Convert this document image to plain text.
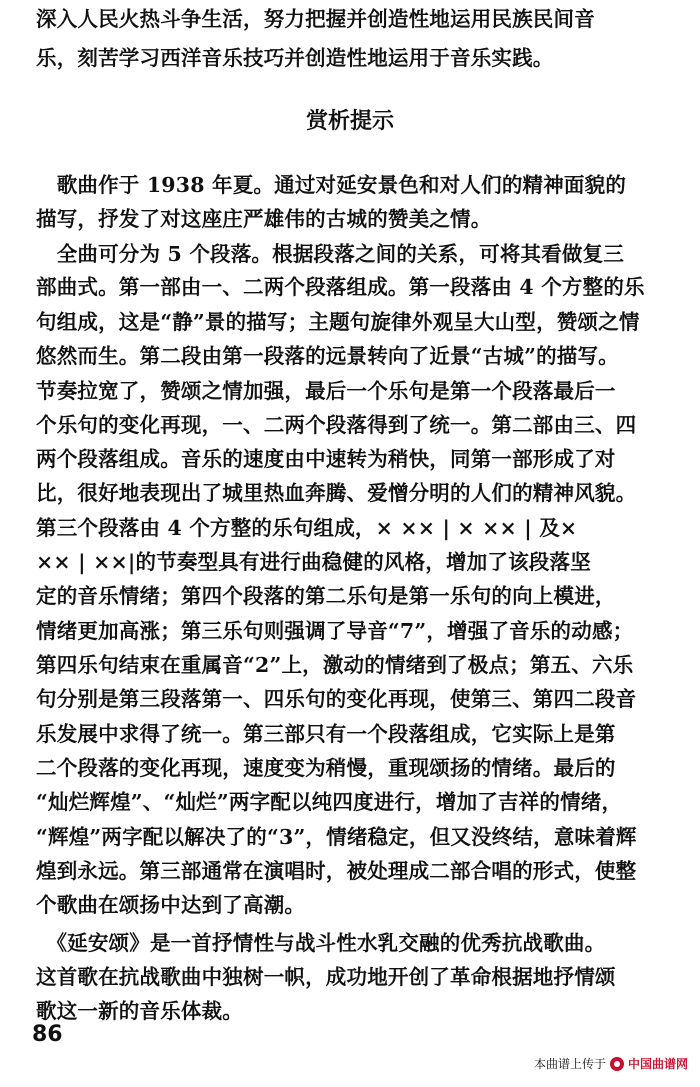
深入人民火热斗争生活，努力把握并创造性地运用民族民间音
乐，刻苦学习西洋音乐技巧并创造性地运用于音乐实践。
赏析提示
　歌曲作于 1938 年夏。通过对延安景色和对人们的精神面貌的
描写，抒发了对这座庄严雄伟的古城的赞美之情。
　全曲可分为 5 个段落。根据段落之间的关系，可将其看做复三
部曲式。第一部由一、二两个段落组成。第一段落由 4 个方整的乐
句组成，这是“静”景的描写；主题句旋律外观呈大山型，赞颂之情
悠然而生。第二段由第一段落的远景转向了近景“古城”的描写。
节奏拉宽了，赞颂之情加强，最后一个乐句是第一个段落最后一
个乐句的变化再现，一、二两个段落得到了统一。第二部由三、四
两个段落组成。音乐的速度由中速转为稍快，同第一部形成了对
比，很好地表现出了城里热血奔腾、爱憎分明的人们的精神风貌。
第三个段落由 4 个方整的乐句组成，× ×× | × ×× | 及×
×× | ××|的节奏型具有进行曲稳健的风格，增加了该段落坚
定的音乐情绪；第四个段落的第二乐句是第一乐句的向上模进，
情绪更加高涨；第三乐句则强调了导音“7”，增强了音乐的动感；
第四乐句结束在重属音“2”上，激动的情绪到了极点；第五、六乐
句分别是第三段落第一、四乐句的变化再现，使第三、第四二段音
乐发展中求得了统一。第三部只有一个段落组成，它实际上是第
二个段落的变化再现，速度变为稍慢，重现颂扬的情绪。最后的
“灿烂辉煌”、“灿烂”两字配以纯四度进行，增加了吉祥的情绪，
“辉煌”两字配以解决了的“3”，情绪稳定，但又没终结，意味着辉
煌到永远。第三部通常在演唱时，被处理成二部合唱的形式，使整
个歌曲在颂扬中达到了高潮。
　《延安颂》是一首抒情性与战斗性水乳交融的优秀抗战歌曲。
这首歌在抗战歌曲中独树一帜，成功地开创了革命根据地抒情颂
歌这一新的音乐体裁。
86
本曲谱上传于 中国曲谱网
